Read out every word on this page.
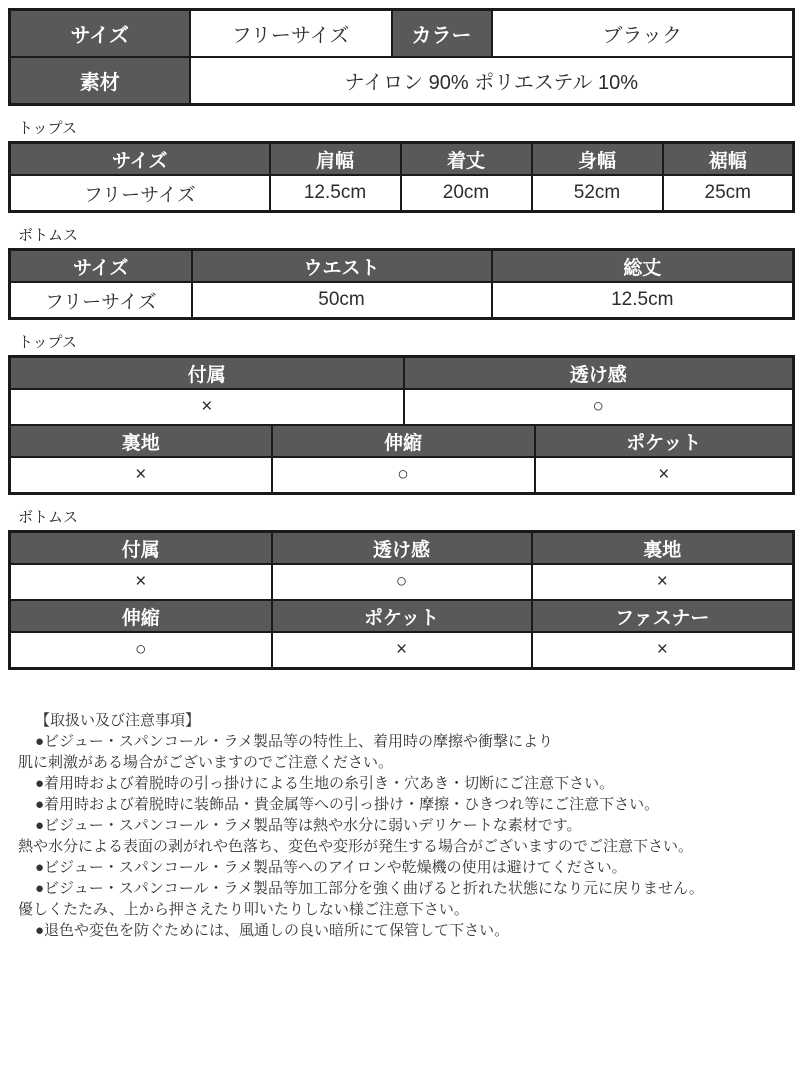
サイズ	フリーサイズ	カラー	ブラック
素材	ナイロン 90% ポリエステル 10%		
トップス
サイズ	肩幅	着丈	身幅	裾幅
フリーサイズ	12.5cm	20cm	52cm	25cm
ボトムス
サイズ	ウエスト	総丈
フリーサイズ	50cm	12.5cm
トップス
付属		透け感	
×		○	
裏地	伸縮		ポケット
×	○		×
ボトムス
付属	透け感	裏地
×	○	×
伸縮	ポケット	ファスナー
○	×	×
【取扱い及び注意事項】
●ビジュー・スパンコール・ラメ製品等の特性上、着用時の摩擦や衝撃により
肌に刺激がある場合がございますのでご注意ください。
●着用時および着脱時の引っ掛けによる生地の糸引き・穴あき・切断にご注意下さい。
●着用時および着脱時に装飾品・貴金属等への引っ掛け・摩擦・ひきつれ等にご注意下さい。
●ビジュー・スパンコール・ラメ製品等は熱や水分に弱いデリケートな素材です。
熱や水分による表面の剥がれや色落ち、変色や変形が発生する場合がございますのでご注意下さい。
●ビジュー・スパンコール・ラメ製品等へのアイロンや乾燥機の使用は避けてください。
●ビジュー・スパンコール・ラメ製品等加工部分を強く曲げると折れた状態になり元に戻りません。
優しくたたみ、上から押さえたり叩いたりしない様ご注意下さい。
●退色や変色を防ぐためには、風通しの良い暗所にて保管して下さい。
